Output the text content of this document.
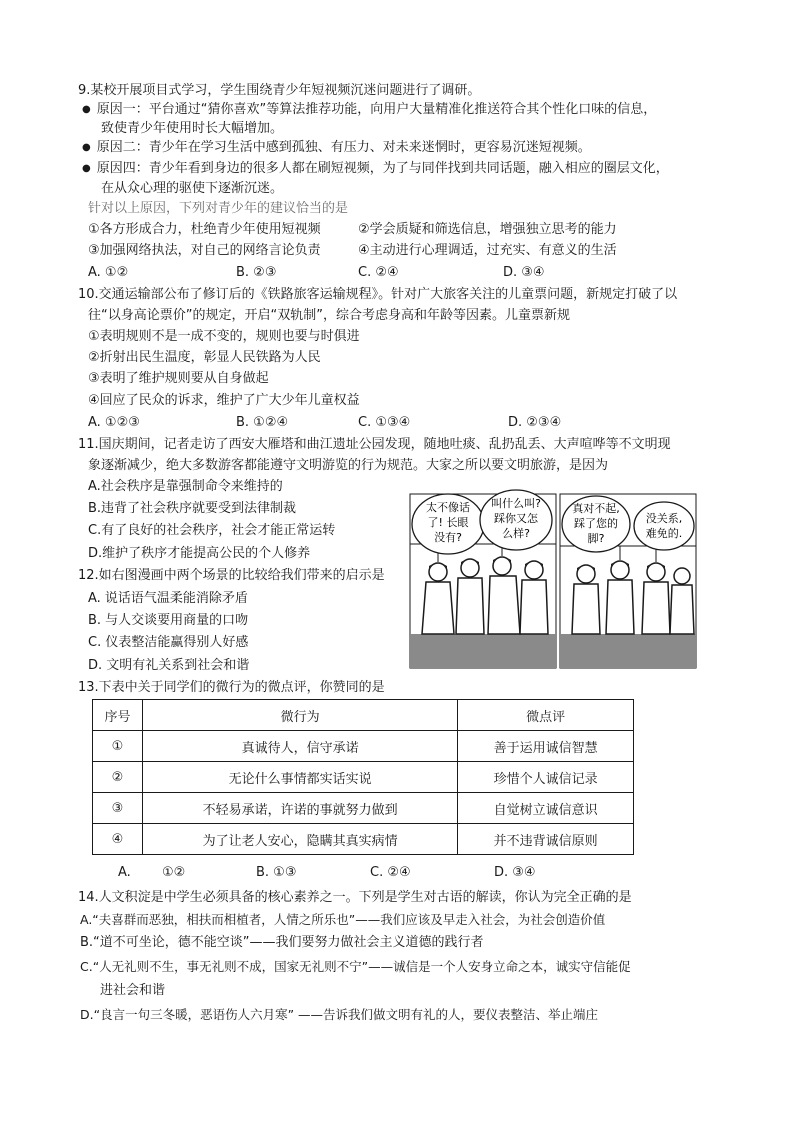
9.某校开展项目式学习，学生围绕青少年短视频沉迷问题进行了调研。
● 原因一：平台通过“猜你喜欢”等算法推荐功能，向用户大量精准化推送符合其个性化口味的信息，
致使青少年使用时长大幅增加。
● 原因二：青少年在学习生活中感到孤独、有压力、对未来迷惘时，更容易沉迷短视频。
● 原因四：青少年看到身边的很多人都在刷短视频，为了与同伴找到共同话题，融入相应的圈层文化，
在从众心理的驱使下逐渐沉迷。
针对以上原因，下列对青少年的建议恰当的是
①各方形成合力，杜绝青少年使用短视频	②学会质疑和筛选信息，增强独立思考的能力
③加强网络执法，对自己的网络言论负责	④主动进行心理调适，过充实、有意义的生活
A. ①②	B. ②③	C. ②④	D. ③④
10.交通运输部公布了修订后的《铁路旅客运输规程》。针对广大旅客关注的儿童票问题，新规定打破了以
往“以身高论票价”的规定，开启“双轨制”，综合考虑身高和年龄等因素。儿童票新规
①表明规则不是一成不变的，规则也要与时俱进
②折射出民生温度，彰显人民铁路为人民
③表明了维护规则要从自身做起
④回应了民众的诉求，维护了广大少年儿童权益
A. ①②③	B. ①②④	C. ①③④	D. ②③④
11.国庆期间，记者走访了西安大雁塔和曲江遗址公园发现，随地吐痰、乱扔乱丢、大声喧哗等不文明现
象逐渐减少，绝大多数游客都能遵守文明游览的行为规范。大家之所以要文明旅游，是因为
A.社会秩序是靠强制命令来维持的
B.违背了社会秩序就要受到法律制裁
C.有了良好的社会秩序，社会才能正常运转
D.维护了秩序才能提高公民的个人修养
12.如右图漫画中两个场景的比较给我们带来的启示是
A. 说话语气温柔能消除矛盾
B. 与人交谈要用商量的口吻
C. 仪表整洁能赢得别人好感
D. 文明有礼关系到社会和谐
太不像话
了! 长眼
没有?
叫什么叫?
踩你又怎
么样?
真对不起,
踩了您的
脚?
没关系,
难免的.
13.下表中关于同学们的微行为的微点评，你赞同的是
序号	微行为	微点评
①	真诚待人，信守承诺	善于运用诚信智慧
②	无论什么事情都实话实说	珍惜个人诚信记录
③	不轻易承诺，许诺的事就努力做到	自觉树立诚信意识
④	为了让老人安心，隐瞒其真实病情	并不违背诚信原则
A. ①②	B. ①③	C. ②④	D. ③④
14.人文积淀是中学生必须具备的核心素养之一。下列是学生对古语的解读，你认为完全正确的是
A.“夫喜群而恶独，相扶而相植者，人情之所乐也”——我们应该及早走入社会，为社会创造价值
B.“道不可坐论，德不能空谈”——我们要努力做社会主义道德的践行者
C.“人无礼则不生，事无礼则不成，国家无礼则不宁”——诚信是一个人安身立命之本，诚实守信能促
进社会和谐
D.“良言一句三冬暖，恶语伤人六月寒” ——告诉我们做文明有礼的人，要仪表整洁、举止端庄
